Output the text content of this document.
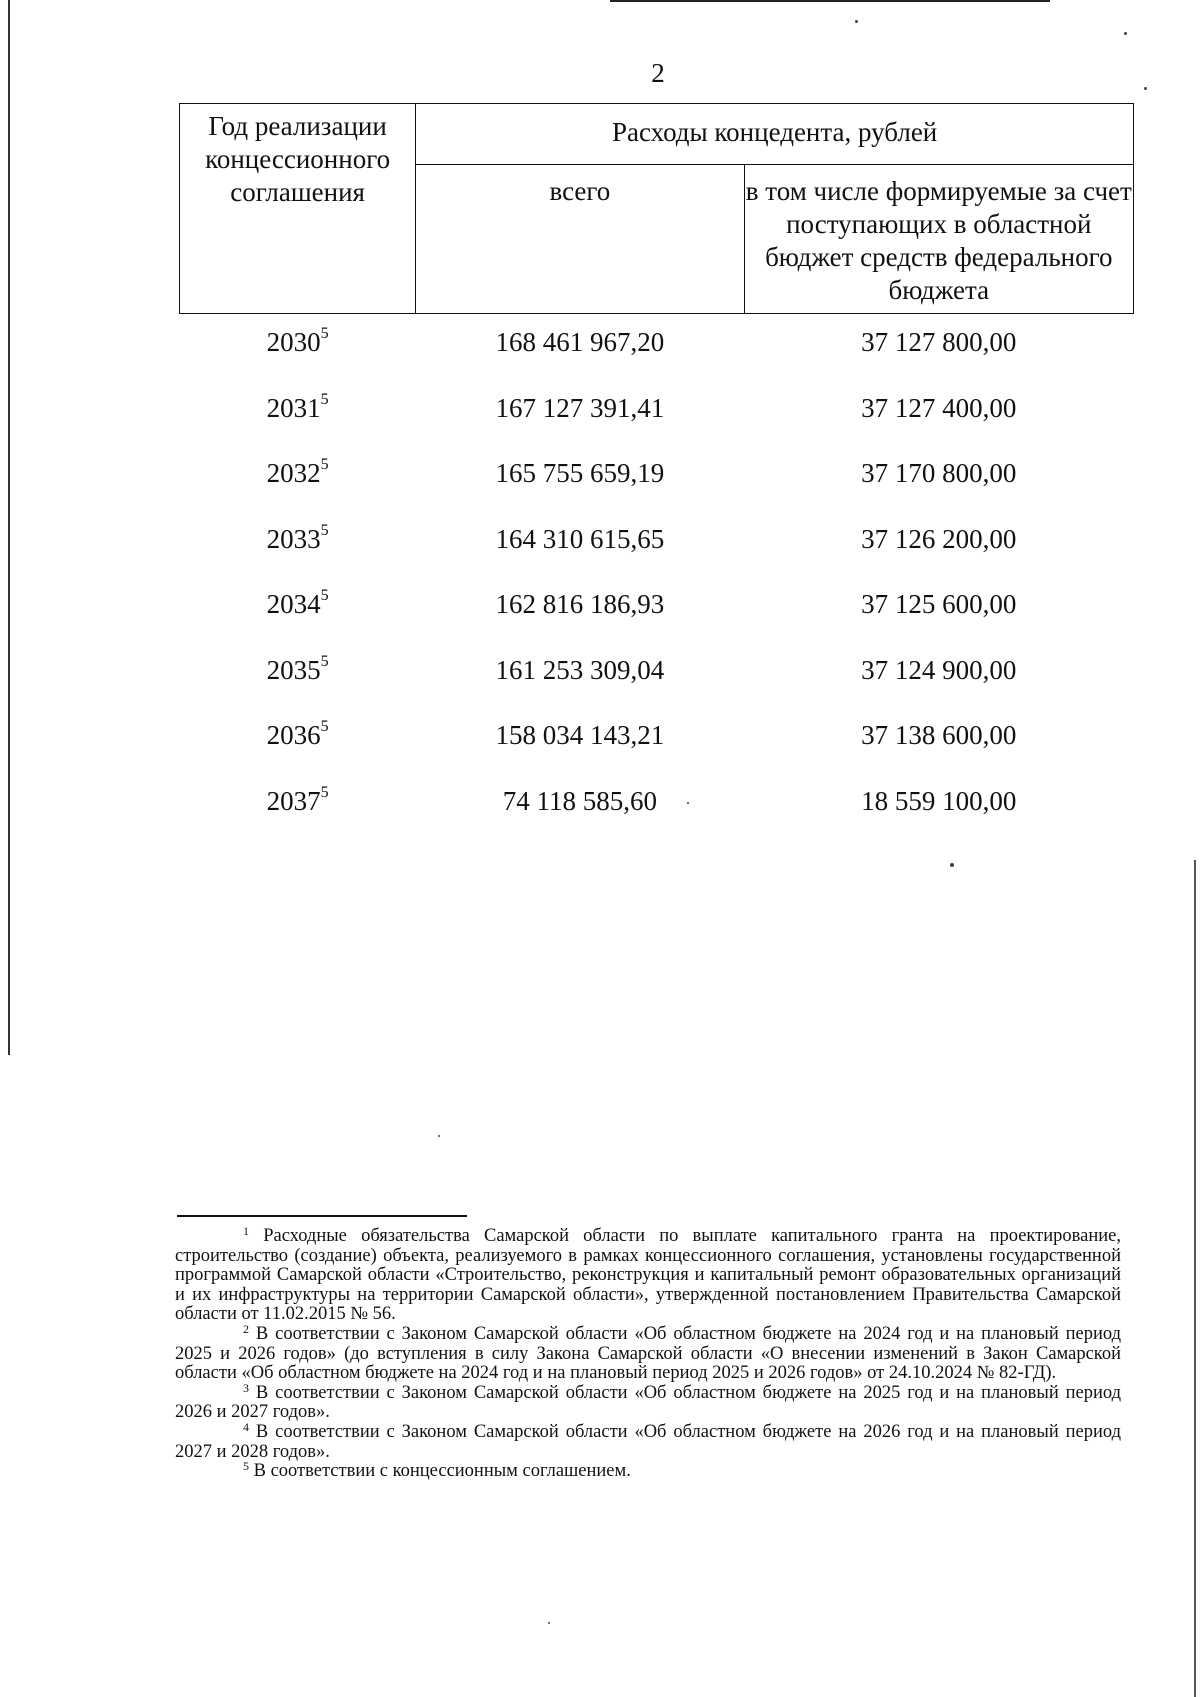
2
Год реализации концессионного соглашения	Расходы концедента, рублей	
	всего	в том числе формируемые за счет поступающих в областной бюджет средств федерального бюджета
2030$^5$	168 461 967,20	37 127 800,00
2031$^5$	167 127 391,41	37 127 400,00
2032$^5$	165 755 659,19	37 170 800,00
2033$^5$	164 310 615,65	37 126 200,00
2034$^5$	162 816 186,93	37 125 600,00
2035$^5$	161 253 309,04	37 124 900,00
2036$^5$	158 034 143,21	37 138 600,00
2037$^5$	74 118 585,60	18 559 100,00

$^1$ Расходные обязательства Самарской области по выплате капитального гранта на проектирование, строительство (создание) объекта, реализуемого в рамках концессионного соглашения, установлены государственной программой Самарской области «Строительство, реконструкция и капитальный ремонт образовательных организаций и их инфраструктуры на территории Самарской области», утвержденной постановлением Правительства Самарской области от 11.02.2015 № 56.

$^2$ В соответствии с Законом Самарской области «Об областном бюджете на 2024 год и на плановый период 2025 и 2026 годов» (до вступления в силу Закона Самарской области «О внесении изменений в Закон Самарской области «Об областном бюджете на 2024 год и на плановый период 2025 и 2026 годов» от 24.10.2024 № 82-ГД).

$^3$ В соответствии с Законом Самарской области «Об областном бюджете на 2025 год и на плановый период 2026 и 2027 годов».

$^4$ В соответствии с Законом Самарской области «Об областном бюджете на 2026 год и на плановый период 2027 и 2028 годов».

$^5$ В соответствии с концессионным соглашением.
